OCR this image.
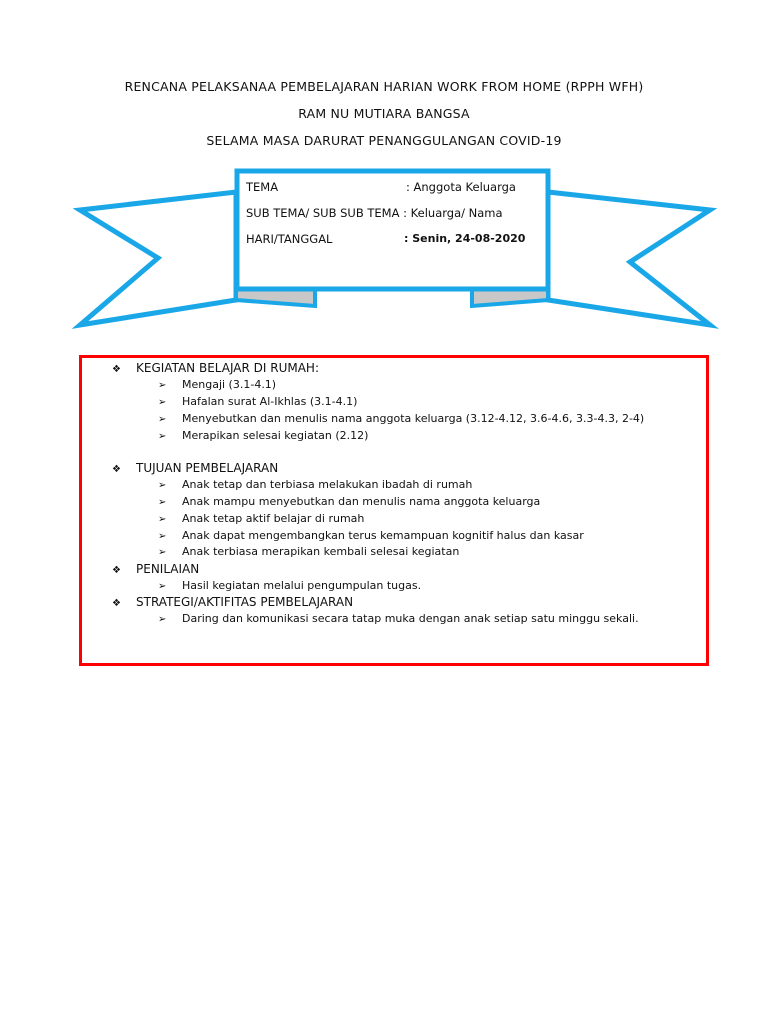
RENCANA PELAKSANAA PEMBELAJARAN HARIAN WORK FROM HOME (RPPH WFH)
RAM NU MUTIARA BANGSA
SELAMA MASA DARURAT PENANGGULANGAN COVID-19
TEMA	: Anggota Keluarga
SUB TEMA/ SUB SUB TEMA : Keluarga/ Nama
HARI/TANGGAL	: Senin, 24-08-2020
❖ KEGIATAN BELAJAR DI RUMAH:
➢ Mengaji (3.1-4.1)
➢ Hafalan surat Al-Ikhlas (3.1-4.1)
➢ Menyebutkan dan menulis nama anggota keluarga (3.12-4.12, 3.6-4.6, 3.3-4.3, 2-4)
➢ Merapikan selesai kegiatan (2.12)
❖ TUJUAN PEMBELAJARAN
➢ Anak tetap dan terbiasa melakukan ibadah di rumah
➢ Anak mampu menyebutkan dan menulis nama anggota keluarga
➢ Anak tetap aktif belajar di rumah
➢ Anak dapat mengembangkan terus kemampuan kognitif halus dan kasar
➢ Anak terbiasa merapikan kembali selesai kegiatan
❖ PENILAIAN
➢ Hasil kegiatan melalui pengumpulan tugas.
❖ STRATEGI/AKTIFITAS PEMBELAJARAN
➢ Daring dan komunikasi secara tatap muka dengan anak setiap satu minggu sekali.
